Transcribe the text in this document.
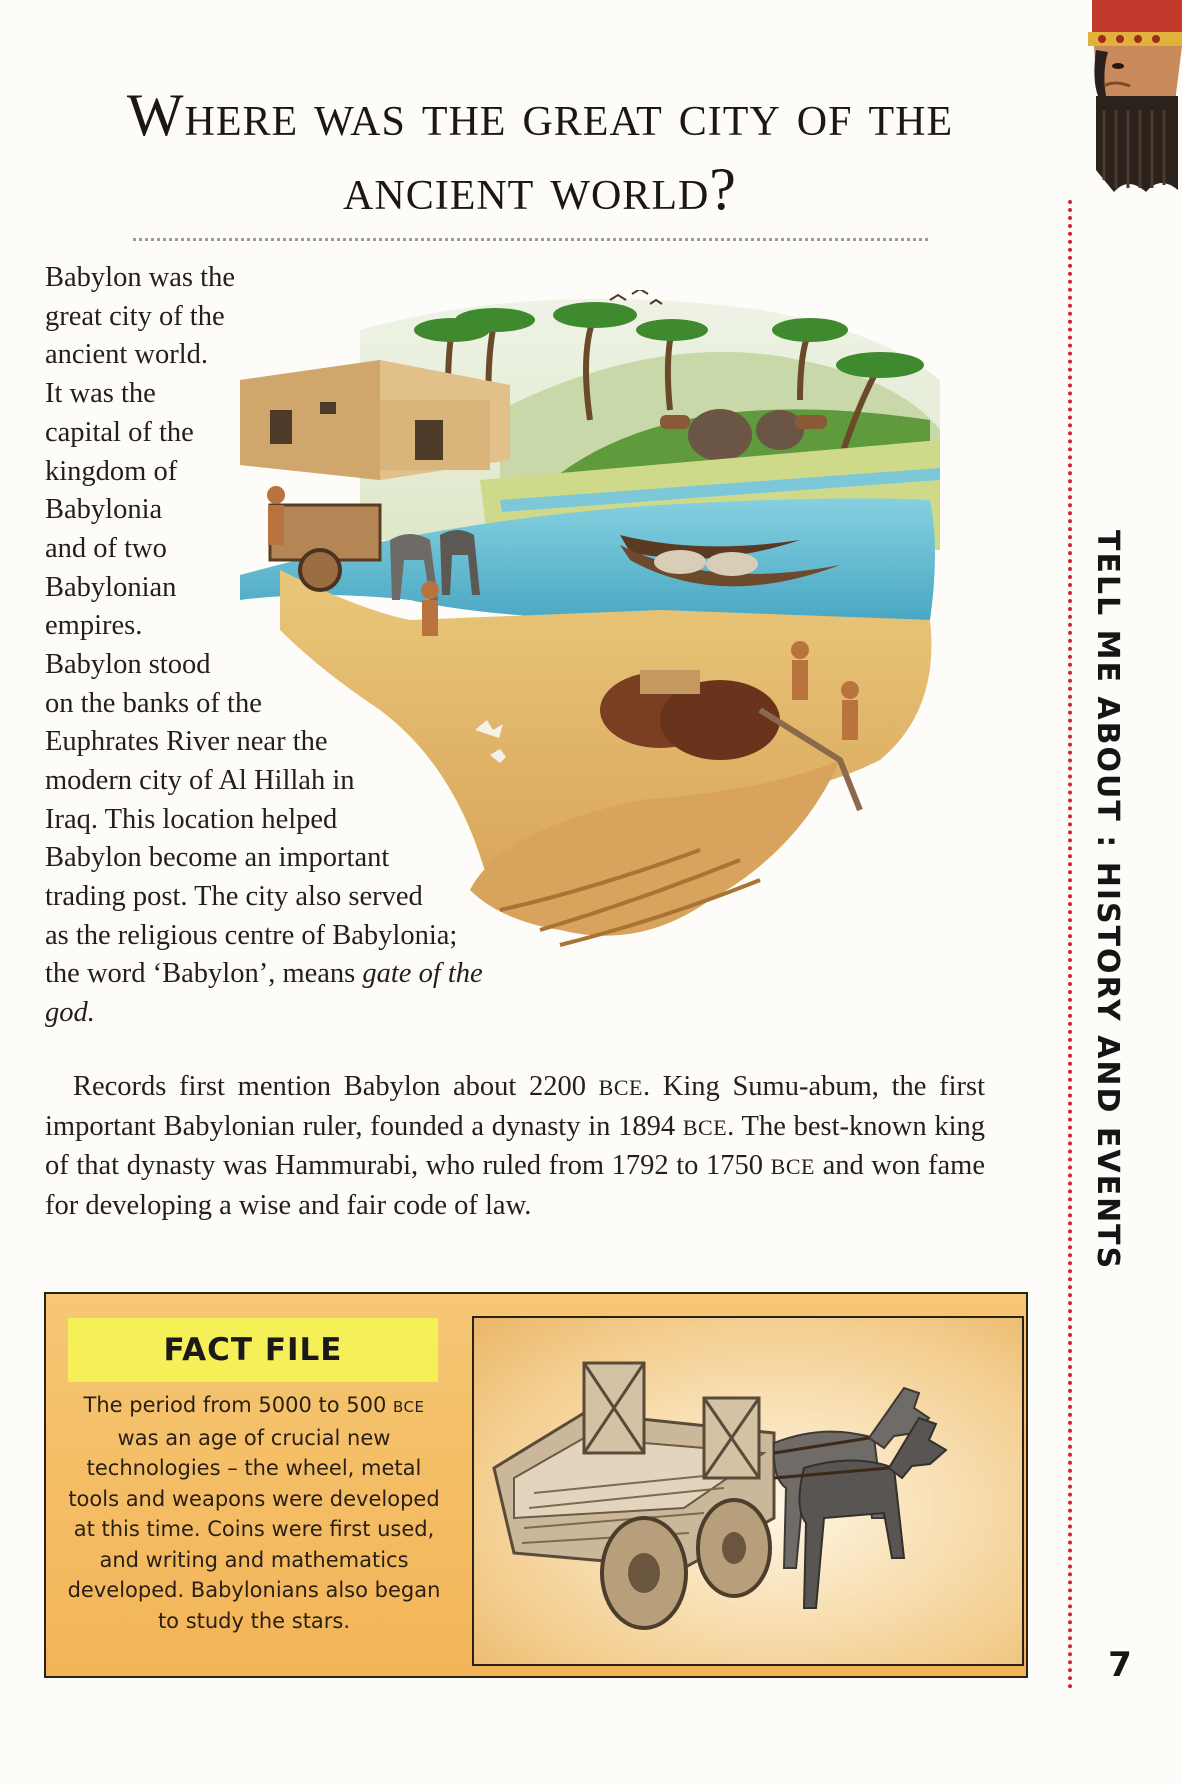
Where was the great city of the ancient world?
TELL ME ABOUT : HISTORY AND EVENTS
7
Babylon was the
great city of the
ancient world.
It was the
capital of the
kingdom of
Babylonia
and of two
Babylonian
empires.
Babylon stood
on the banks of the
Euphrates River near the
modern city of Al Hillah in
Iraq. This location helped
Babylon become an important
trading post. The city also served
as the religious centre of Babylonia;
the word ‘Babylon’, means gate of the
god.

Records first mention Babylon about 2200 BCE. King Sumu-abum, the first important Babylonian ruler, founded a dynasty in 1894 BCE. The best-known king of that dynasty was Hammurabi, who ruled from 1792 to 1750 BCE and won fame for developing a wise and fair code of law.

FACT FILE

The period from 5000 to 500 BCE was an age of crucial new technologies – the wheel, metal tools and weapons were developed at this time. Coins were first used, and writing and mathematics developed. Babylonians also began to study the stars.
